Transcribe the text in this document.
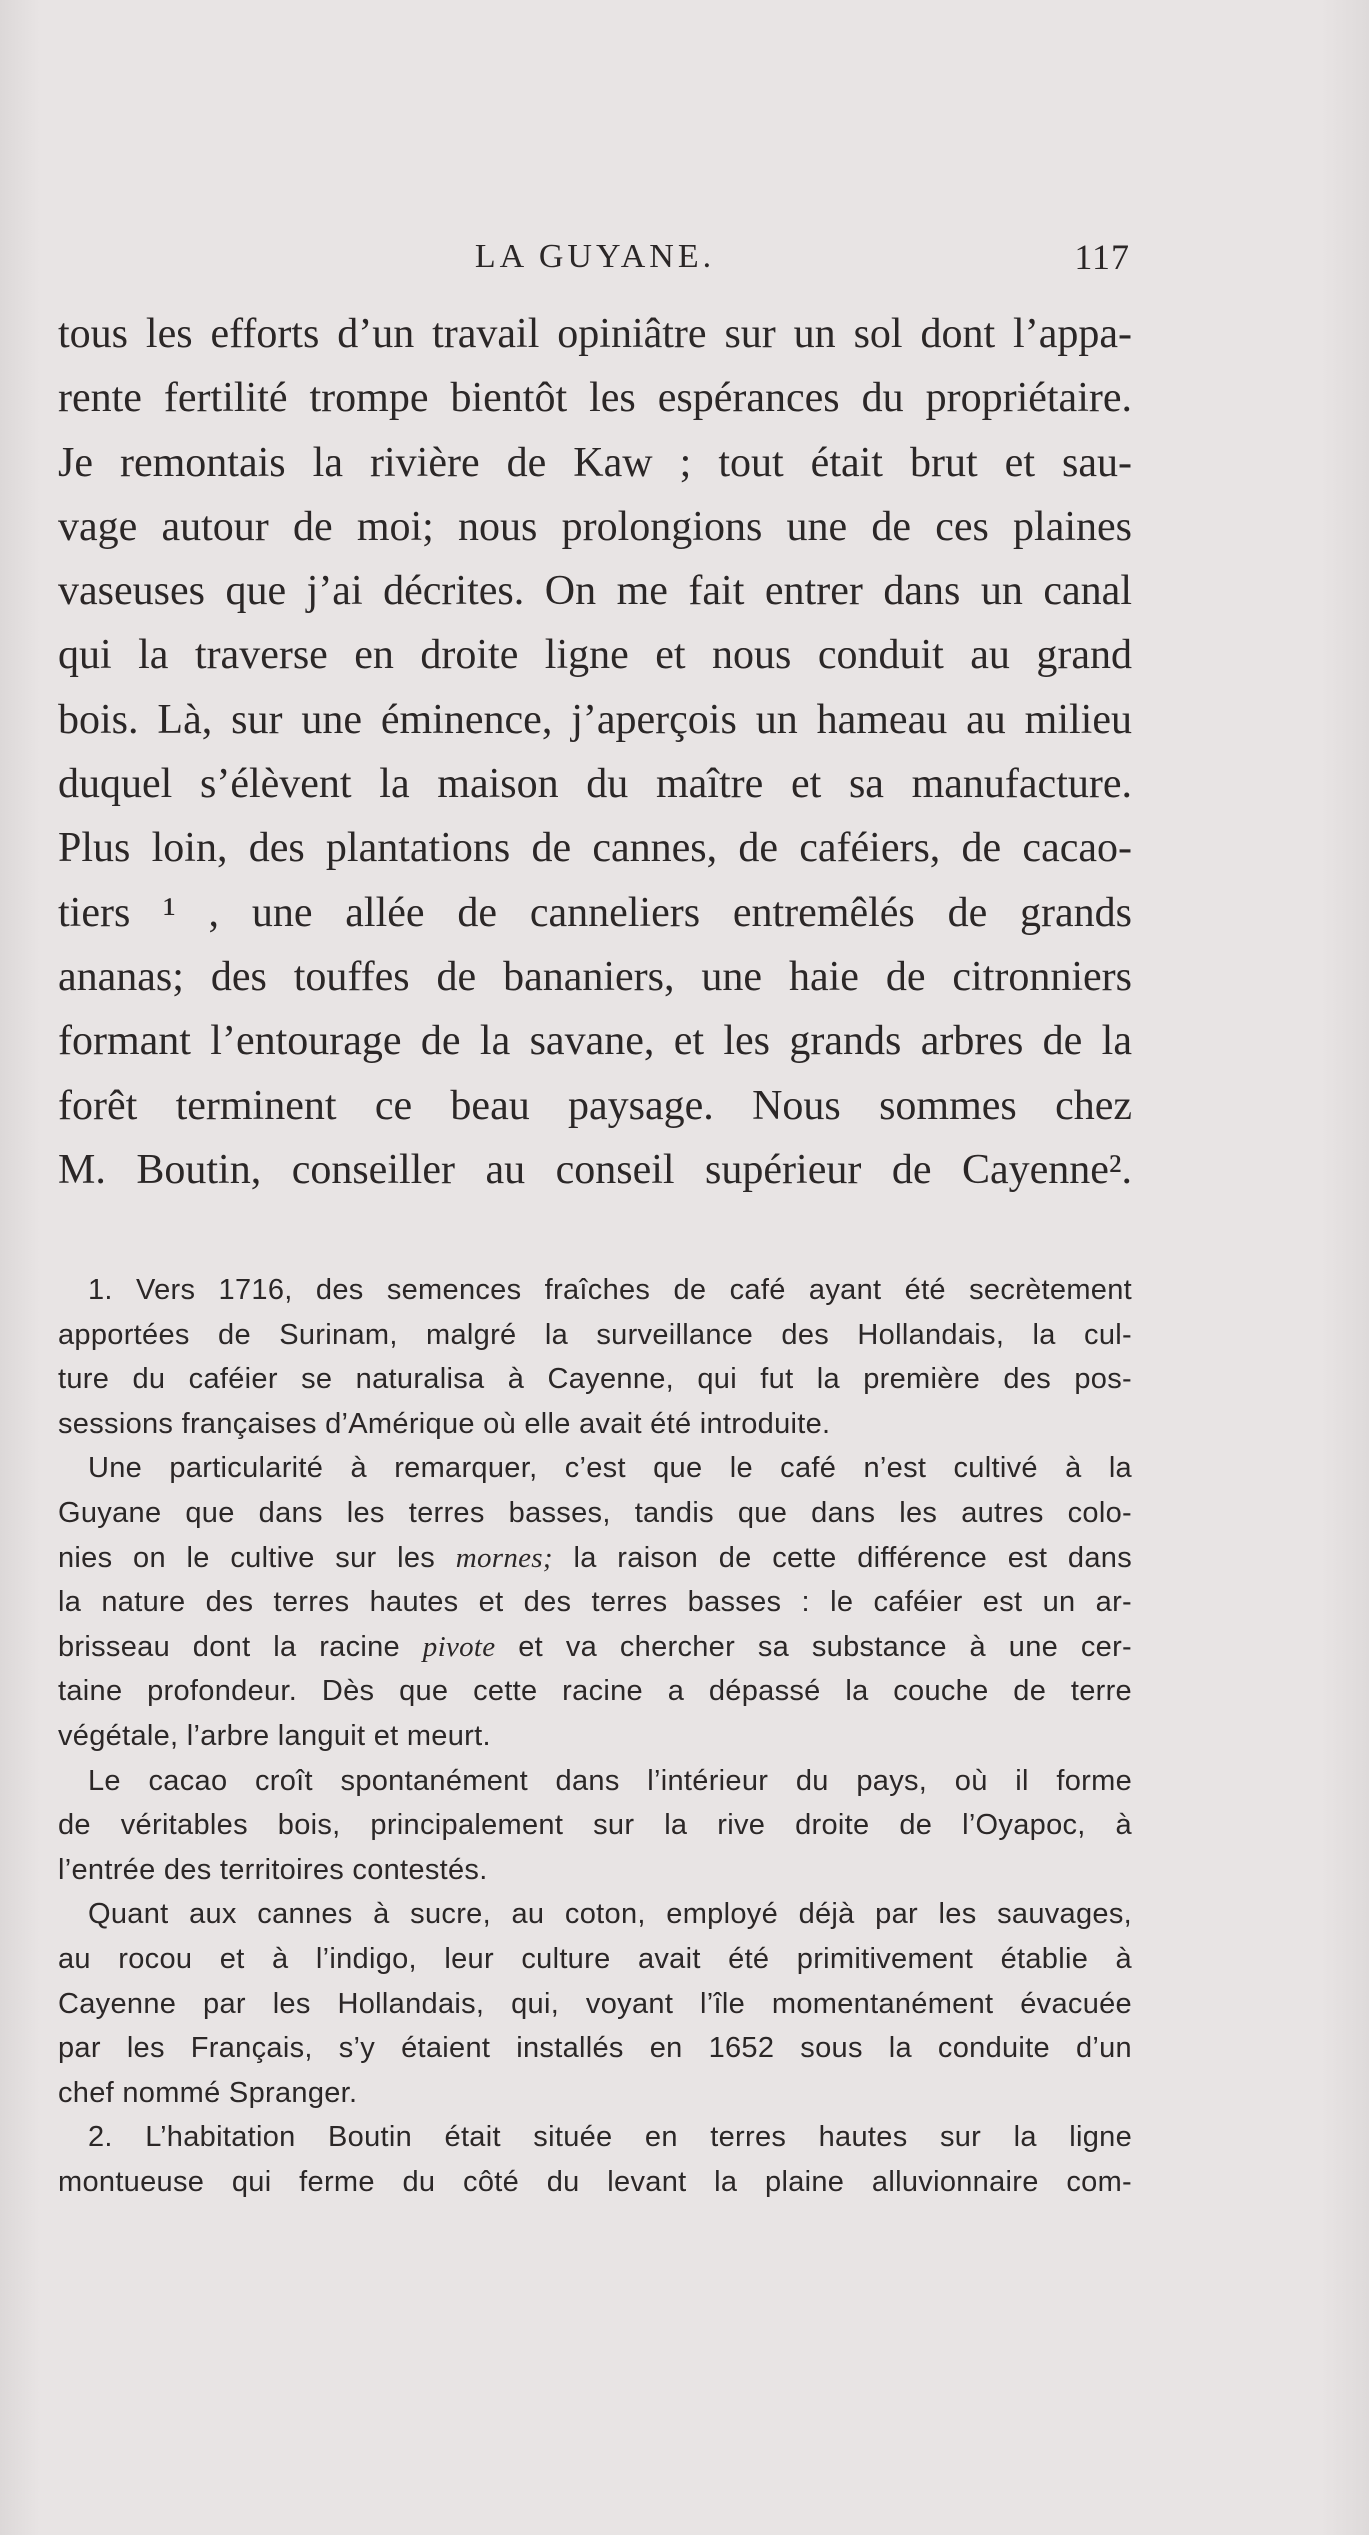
LA GUYANE.	117
tous les efforts d’un travail opiniâtre sur un sol dont l’appa-
rente fertilité trompe bientôt les espérances du propriétaire.
Je remontais la rivière de Kaw ; tout était brut et sau-
vage autour de moi; nous prolongions une de ces plaines
vaseuses que j’ai décrites. On me fait entrer dans un canal
qui la traverse en droite ligne et nous conduit au grand
bois. Là, sur une éminence, j’aperçois un hameau au milieu
duquel s’élèvent la maison du maître et sa manufacture.
Plus loin, des plantations de cannes, de caféiers, de cacao-
tiers ¹ , une allée de canneliers entremêlés de grands
ananas; des touffes de bananiers, une haie de citronniers
formant l’entourage de la savane, et les grands arbres de la
forêt terminent ce beau paysage. Nous sommes chez
M. Boutin, conseiller au conseil supérieur de Cayenne².
1. Vers 1716, des semences fraîches de café ayant été secrètement
apportées de Surinam, malgré la surveillance des Hollandais, la cul-
ture du caféier se naturalisa à Cayenne, qui fut la première des pos-
sessions françaises d’Amérique où elle avait été introduite.
Une particularité à remarquer, c’est que le café n’est cultivé à la
Guyane que dans les terres basses, tandis que dans les autres colo-
nies on le cultive sur les mornes; la raison de cette différence est dans
la nature des terres hautes et des terres basses : le caféier est un ar-
brisseau dont la racine pivote et va chercher sa substance à une cer-
taine profondeur. Dès que cette racine a dépassé la couche de terre
végétale, l’arbre languit et meurt.
Le cacao croît spontanément dans l’intérieur du pays, où il forme
de véritables bois, principalement sur la rive droite de l’Oyapoc, à
l’entrée des territoires contestés.
Quant aux cannes à sucre, au coton, employé déjà par les sauvages,
au rocou et à l’indigo, leur culture avait été primitivement établie à
Cayenne par les Hollandais, qui, voyant l’île momentanément évacuée
par les Français, s’y étaient installés en 1652 sous la conduite d’un
chef nommé Spranger.
2. L’habitation Boutin était située en terres hautes sur la ligne
montueuse qui ferme du côté du levant la plaine alluvionnaire com-
